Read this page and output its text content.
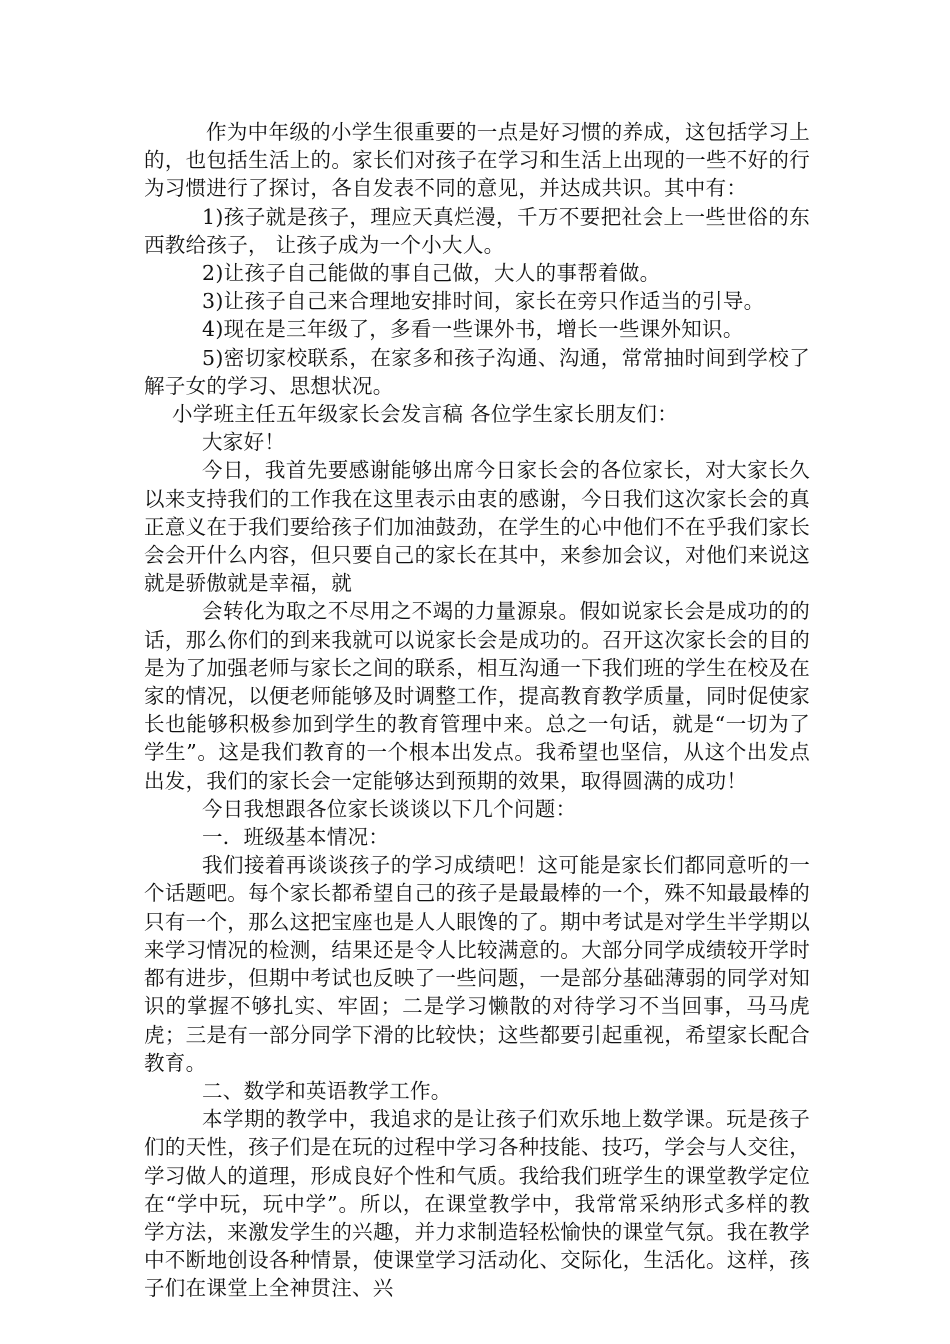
作为中年级的小学生很重要的一点是好习惯的养成，这包括学习上的，也包括生活上的。家长们对孩子在学习和生活上出现的一些不好的行为习惯进行了探讨，各自发表不同的意见，并达成共识。其中有：

1)孩子就是孩子，理应天真烂漫，千万不要把社会上一些世俗的东西教给孩子， 让孩子成为一个小大人。

2)让孩子自己能做的事自己做，大人的事帮着做。

3)让孩子自己来合理地安排时间，家长在旁只作适当的引导。

4)现在是三年级了，多看一些课外书，增长一些课外知识。

5)密切家校联系，在家多和孩子沟通、沟通，常常抽时间到学校了解子女的学习、思想状况。

小学班主任五年级家长会发言稿 各位学生家长朋友们：

大家好！

今日，我首先要感谢能够出席今日家长会的各位家长，对大家长久以来支持我们的工作我在这里表示由衷的感谢，今日我们这次家长会的真正意义在于我们要给孩子们加油鼓劲，在学生的心中他们不在乎我们家长会会开什么内容，但只要自己的家长在其中，来参加会议，对他们来说这就是骄傲就是幸福，就

会转化为取之不尽用之不竭的力量源泉。假如说家长会是成功的的话，那么你们的到来我就可以说家长会是成功的。召开这次家长会的目的是为了加强老师与家长之间的联系，相互沟通一下我们班的学生在校及在家的情况，以便老师能够及时调整工作，提高教育教学质量，同时促使家长也能够积极参加到学生的教育管理中来。总之一句话，就是“一切为了学生”。这是我们教育的一个根本出发点。我希望也坚信，从这个出发点出发，我们的家长会一定能够达到预期的效果，取得圆满的成功！

今日我想跟各位家长谈谈以下几个问题：

一．班级基本情况：

我们接着再谈谈孩子的学习成绩吧！这可能是家长们都同意听的一个话题吧。每个家长都希望自己的孩子是最最棒的一个，殊不知最最棒的只有一个，那么这把宝座也是人人眼馋的了。期中考试是对学生半学期以来学习情况的检测，结果还是令人比较满意的。大部分同学成绩较开学时都有进步，但期中考试也反映了一些问题，一是部分基础薄弱的同学对知识的掌握不够扎实、牢固；二是学习懒散的对待学习不当回事，马马虎虎；三是有一部分同学下滑的比较快；这些都要引起重视，希望家长配合教育。

二、数学和英语教学工作。

本学期的教学中，我追求的是让孩子们欢乐地上数学课。玩是孩子们的天性，孩子们是在玩的过程中学习各种技能、技巧，学会与人交往，学习做人的道理，形成良好个性和气质。我给我们班学生的课堂教学定位在“学中玩，玩中学”。所以，在课堂教学中，我常常采纳形式多样的教学方法，来激发学生的兴趣，并力求制造轻松愉快的课堂气氛。我在教学中不断地创设各种情景，使课堂学习活动化、交际化，生活化。这样，孩子们在课堂上全神贯注、兴
